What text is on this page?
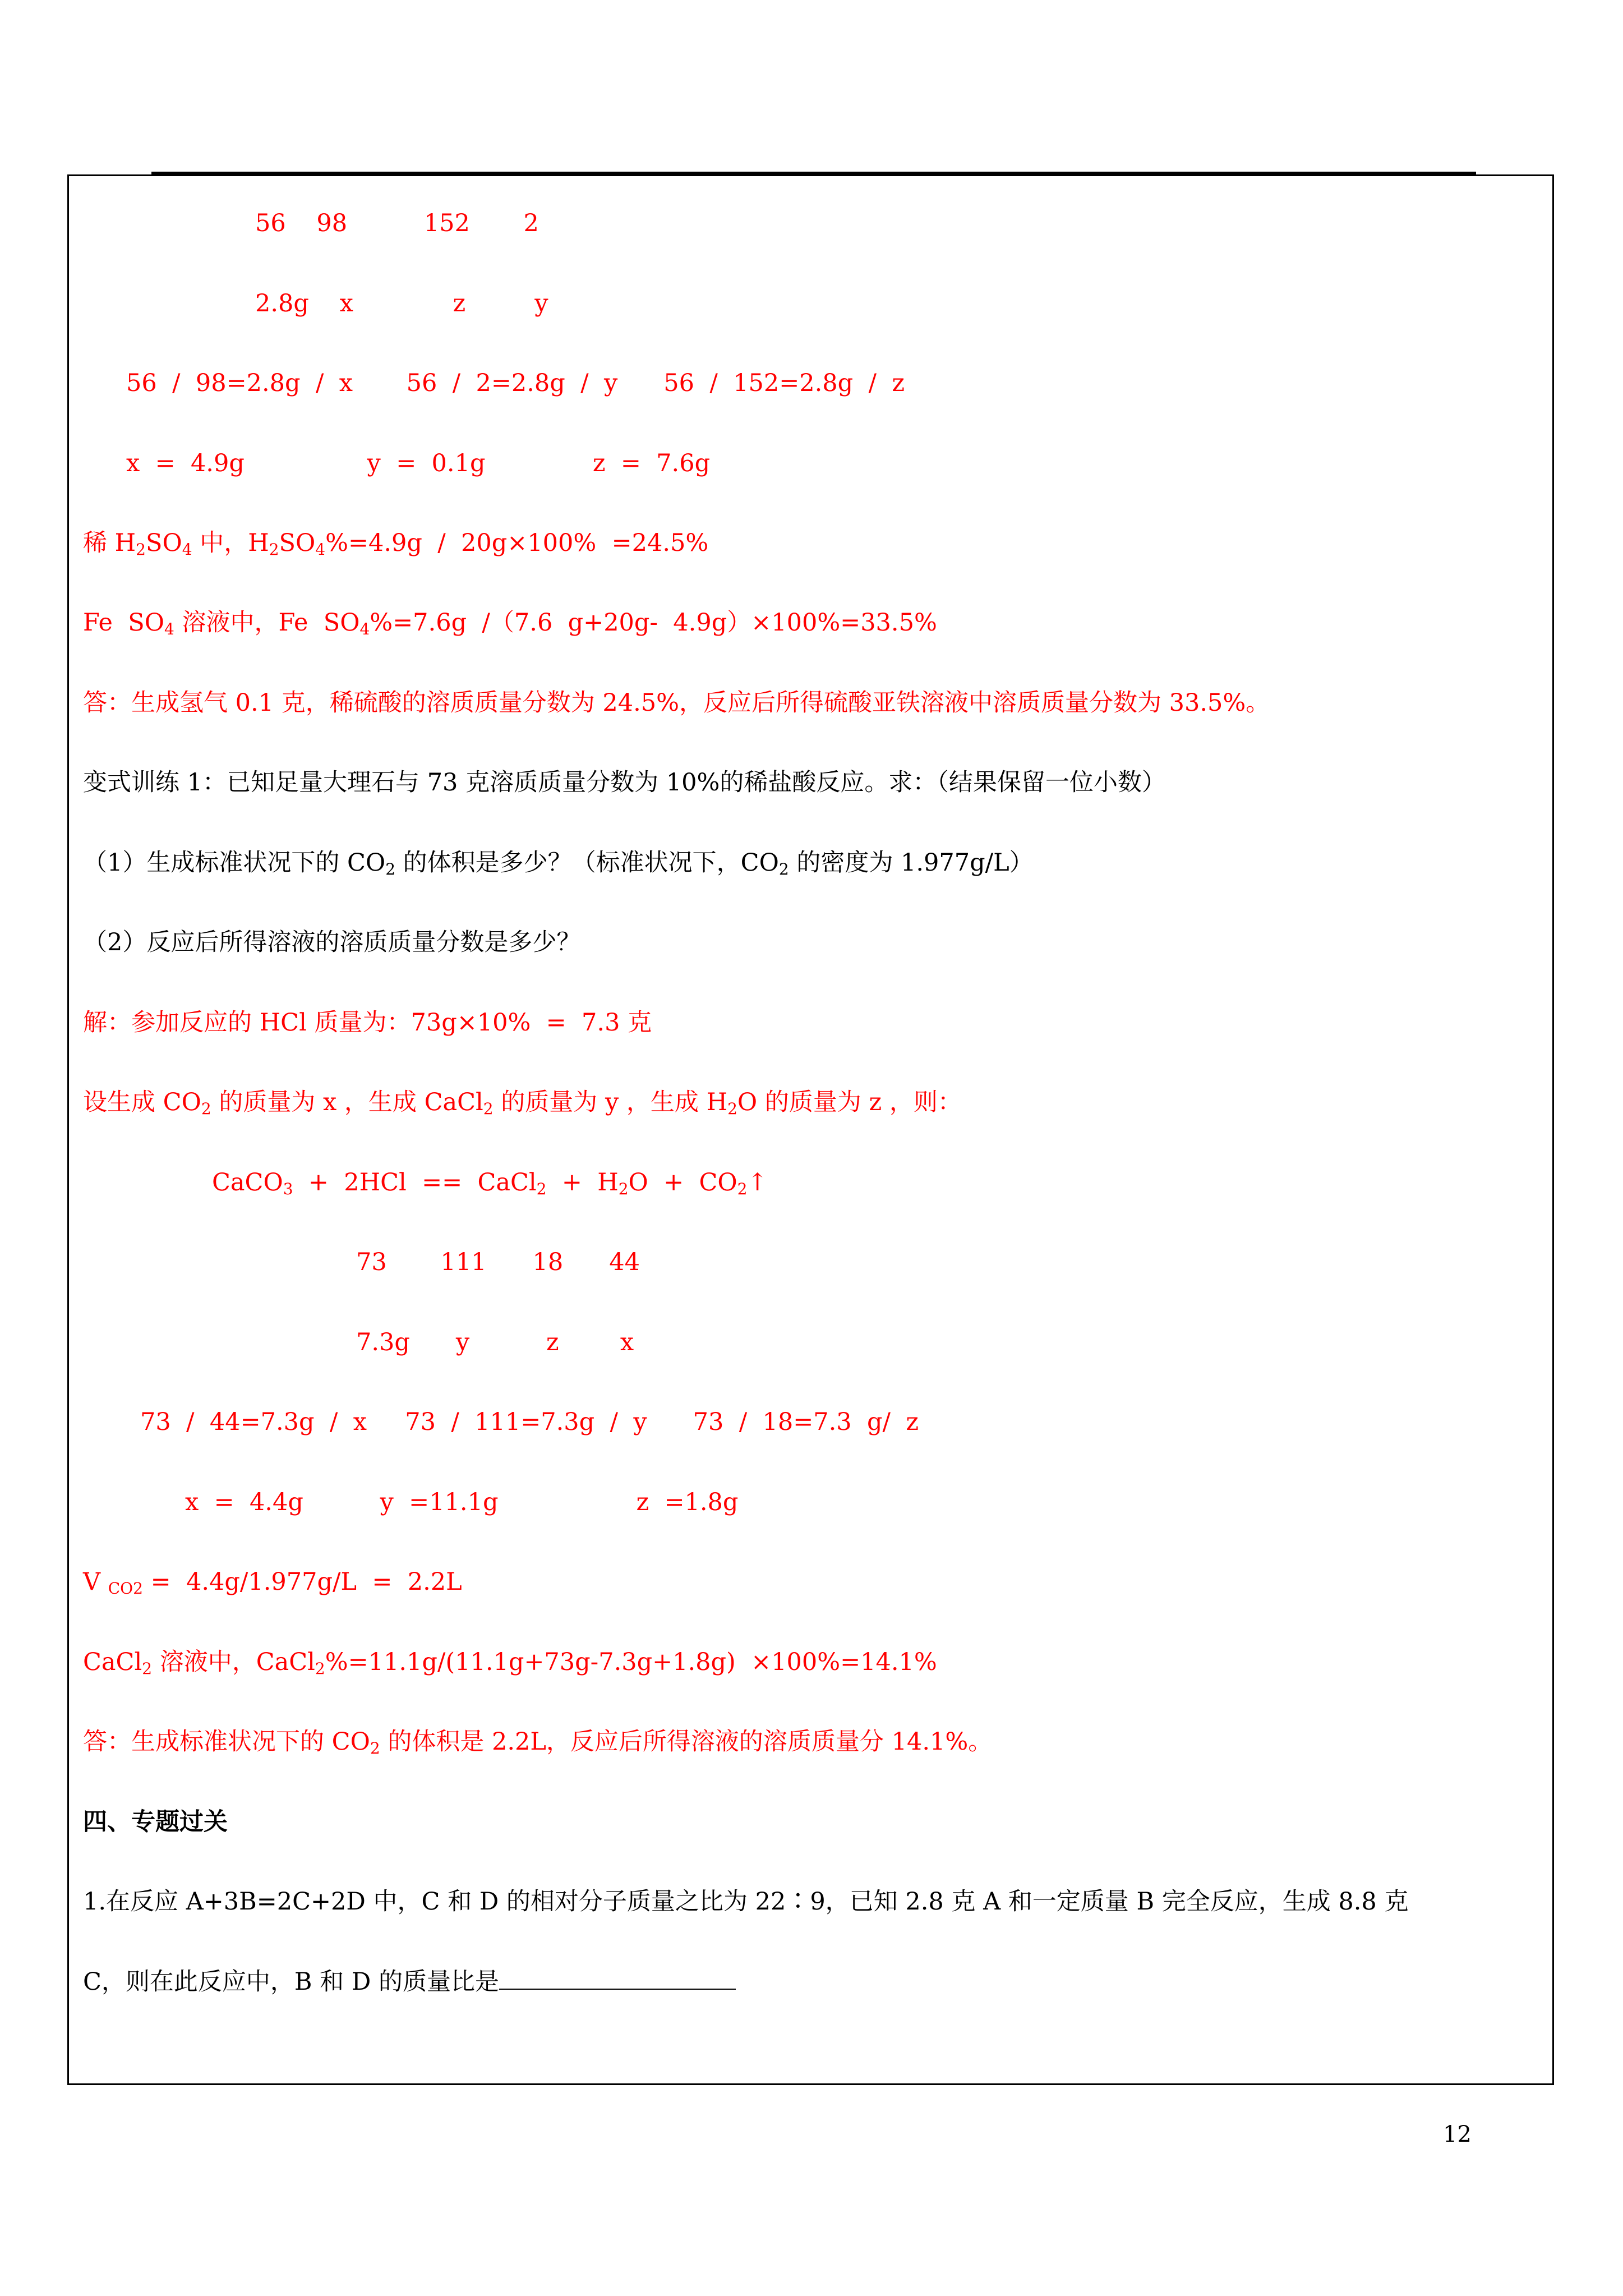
56    98          152       2
2.8g    x             z         y
56  /  98=2.8g  /  x       56  /  2=2.8g  /  y      56  /  152=2.8g  /  z
x  =  4.9g                y  =  0.1g              z  =  7.6g
稀 $H_2SO_4$ 中，$H_2SO_4\%=4.9g / 20g\times 100\% =24.5\%$
Fe  $SO_4$ 溶液中，Fe  $SO_4\%=7.6g$  /（7.6  g+20g-  4.9g）×100%=33.5%
答：生成氢气 0.1 克，稀硫酸的溶质质量分数为 24.5%，反应后所得硫酸亚铁溶液中溶质质量分数为 33.5%。
变式训练 1：已知足量大理石与 73 克溶质质量分数为 10%的稀盐酸反应。求：（结果保留一位小数）
（1）生成标准状况下的 $CO_2$ 的体积是多少？（标准状况下，$CO_2$ 的密度为 1.977g/L）
（2）反应后所得溶液的溶质质量分数是多少？
解：参加反应的 HCl 质量为：73g×10%  =  7.3 克
设生成 $CO_2$ 的质量为 x ，生成 CaCl$_2$ 的质量为 y ，生成 $H_2O$ 的质量为 z ，则：
CaCO$_3$  +  2HCl  ==  CaCl$_2$  +  $H_2O$  +  $CO_2↑$
73       111      18      44
7.3g      y          z        x
73  /  44=7.3g  /  x     73  /  111=7.3g  /  y      73  /  18=7.3  g/  z
x  =  4.4g          y  =11.1g                  z  =1.8g
V $_{CO2}$ =  4.4g/1.977g/L  =  2.2L
CaCl$_2$ 溶液中，CaCl$_2$%=11.1g/(11.1g+73g-7.3g+1.8g)  ×100%=14.1%
答：生成标准状况下的 $CO_2$ 的体积是 2.2L，反应后所得溶液的溶质质量分 14.1%。
四、专题过关
1.在反应 A+3B=2C+2D 中，C 和 D 的相对分子质量之比为 22∶9，已知 2.8 克 A 和一定质量 B 完全反应，生成 8.8 克
C，则在此反应中，B 和 D 的质量比是
12
